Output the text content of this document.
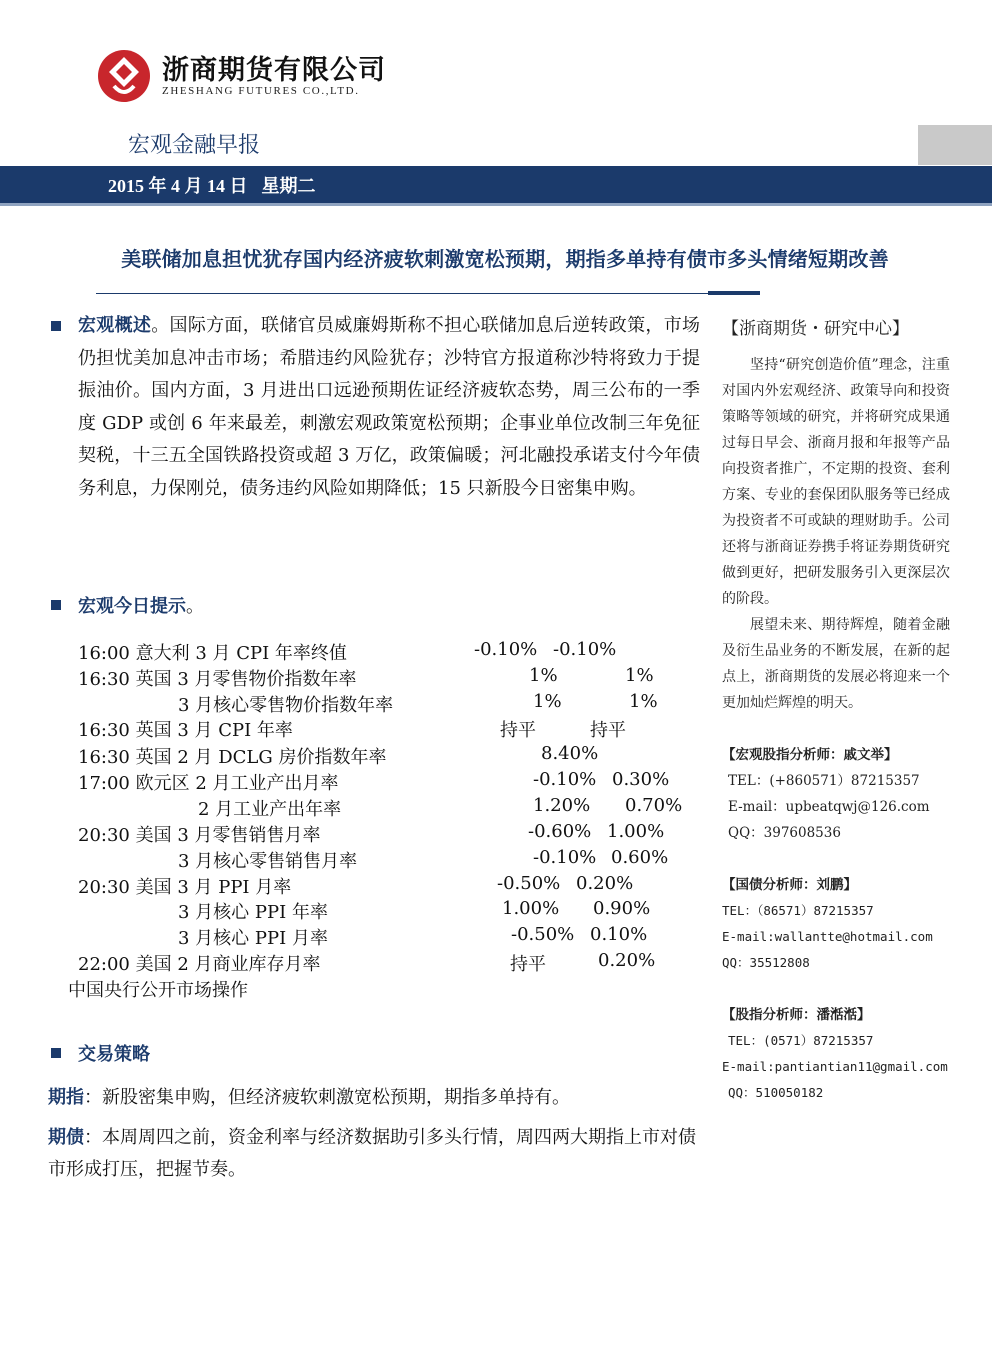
浙商期货有限公司
ZHESHANG FUTURES CO.,LTD.
宏观金融早报
2015 年 4 月 14 日 星期二
美联储加息担忧犹存国内经济疲软刺激宽松预期，期指多单持有债市多头情绪短期改善
宏观概述。国际方面，联储官员威廉姆斯称不担心联储加息后逆转政策，市场仍担忧美加息冲击市场；希腊违约风险犹存；沙特官方报道称沙特将致力于提振油价。国内方面，3 月进出口远逊预期佐证经济疲软态势，周三公布的一季度 GDP 或创 6 年来最差，刺激宏观政策宽松预期；企事业单位改制三年免征契税，十三五全国铁路投资或超 3 万亿，政策偏暖；河北融投承诺支付今年债务利息，力保刚兑，债务违约风险如期降低；15 只新股今日密集申购。
宏观今日提示。
16:00 意大利 3 月 CPI 年率终值	-0.10% -0.10%
16:30 英国 3 月零售物价指数年率	1%	1%
3 月核心零售物价指数年率	1%	1%
16:30 英国 3 月 CPI 年率	持平	持平
16:30 英国 2 月 DCLG 房价指数年率	8.40%
17:00 欧元区 2 月工业产出月率	-0.10% 0.30%
2 月工业产出年率	1.20% 0.70%
20:30 美国 3 月零售销售月率	-0.60% 1.00%
3 月核心零售销售月率	-0.10% 0.60%
20:30 美国 3 月 PPI 月率	-0.50% 0.20%
3 月核心 PPI 年率	1.00% 0.90%
3 月核心 PPI 月率	-0.50% 0.10%
22:00 美国 2 月商业库存月率	持平	0.20%
中国央行公开市场操作
交易策略
期指：新股密集申购，但经济疲软刺激宽松预期，期指多单持有。
期债：本周周四之前，资金利率与经济数据助引多头行情，周四两大期指上市对债市形成打压，把握节奏。
【浙商期货・研究中心】
坚持“研究创造价值”理念，注重对国内外宏观经济、政策导向和投资策略等领域的研究，并将研究成果通过每日早会、浙商月报和年报等产品向投资者推广，不定期的投资、套利方案、专业的套保团队服务等已经成为投资者不可或缺的理财助手。公司还将与浙商证券携手将证券期货研究做到更好，把研发服务引入更深层次的阶段。
展望未来、期待辉煌，随着金融及衍生品业务的不断发展，在新的起点上，浙商期货的发展必将迎来一个更加灿烂辉煌的明天。
【宏观股指分析师：戚文举】
TEL：(+860571）87215357
E-mail：upbeatqwj@126.com
QQ：397608536
【国债分析师：刘鹏】
TEL：（86571）87215357
E-mail:wallantte@hotmail.com
QQ：35512808
【股指分析师：潘湉湉】
TEL：(0571）87215357
E-mail:pantiantian11@gmail.com
QQ：510050182
